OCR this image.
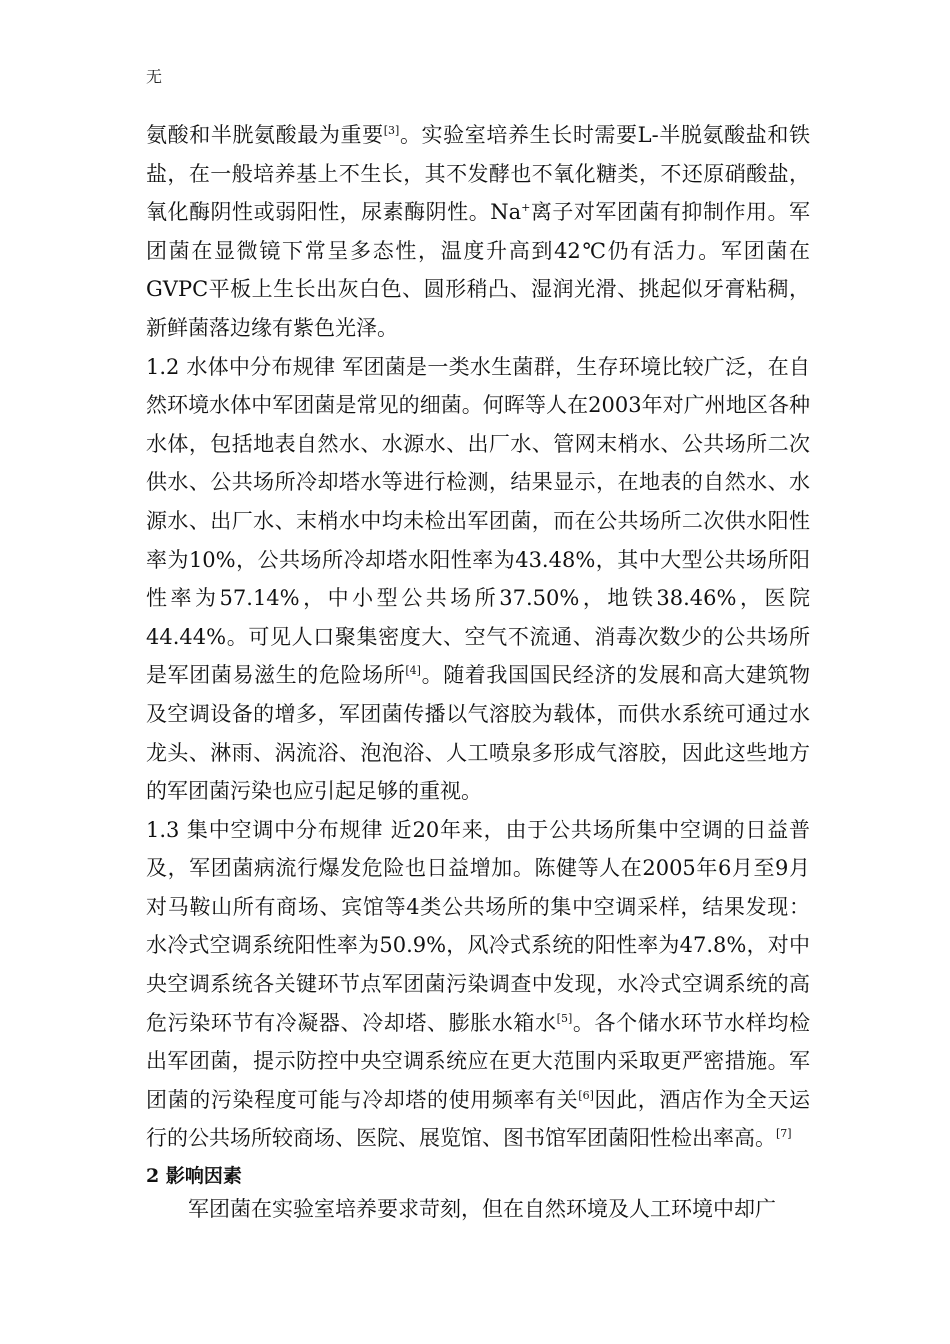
无

氨酸和半胱氨酸最为重要[3]。实验室培养生长时需要L-半脱氨酸盐和铁盐，在一般培养基上不生长，其不发酵也不氧化糖类，不还原硝酸盐，氧化酶阴性或弱阳性，尿素酶阴性。Na+离子对军团菌有抑制作用。军团菌在显微镜下常呈多态性，温度升高到42℃仍有活力。军团菌在GVPC平板上生长出灰白色、圆形稍凸、湿润光滑、挑起似牙膏粘稠，新鲜菌落边缘有紫色光泽。

1.2 水体中分布规律 军团菌是一类水生菌群，生存环境比较广泛，在自然环境水体中军团菌是常见的细菌。何晖等人在2003年对广州地区各种水体，包括地表自然水、水源水、出厂水、管网末梢水、公共场所二次供水、公共场所冷却塔水等进行检测，结果显示，在地表的自然水、水源水、出厂水、末梢水中均未检出军团菌，而在公共场所二次供水阳性率为10%，公共场所冷却塔水阳性率为43.48%，其中大型公共场所阳性率为57.14%，中小型公共场所37.50%，地铁38.46%，医院44.44%。可见人口聚集密度大、空气不流通、消毒次数少的公共场所是军团菌易滋生的危险场所[4]。随着我国国民经济的发展和高大建筑物及空调设备的增多，军团菌传播以气溶胶为载体，而供水系统可通过水龙头、淋雨、涡流浴、泡泡浴、人工喷泉多形成气溶胶，因此这些地方的军团菌污染也应引起足够的重视。

1.3 集中空调中分布规律 近20年来，由于公共场所集中空调的日益普及，军团菌病流行爆发危险也日益增加。陈健等人在2005年6月至9月对马鞍山所有商场、宾馆等4类公共场所的集中空调采样，结果发现：水冷式空调系统阳性率为50.9%，风冷式系统的阳性率为47.8%，对中央空调系统各关键环节点军团菌污染调查中发现，水冷式空调系统的高危污染环节有冷凝器、冷却塔、膨胀水箱水[5]。各个储水环节水样均检出军团菌，提示防控中央空调系统应在更大范围内采取更严密措施。军团菌的污染程度可能与冷却塔的使用频率有关[6]因此，酒店作为全天运行的公共场所较商场、医院、展览馆、图书馆军团菌阳性检出率高。[7]

2 影响因素

军团菌在实验室培养要求苛刻，但在自然环境及人工环境中却广
